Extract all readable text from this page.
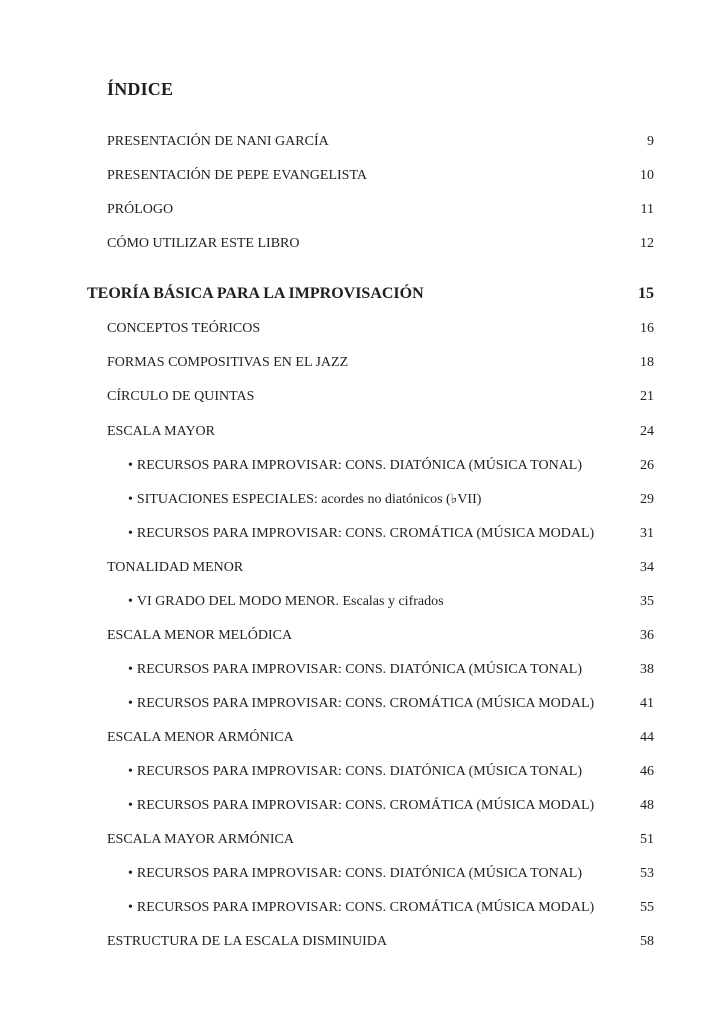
ÍNDICE
PRESENTACIÓN DE NANI GARCÍA	9
PRESENTACIÓN DE PEPE EVANGELISTA	10
PRÓLOGO	11
CÓMO UTILIZAR ESTE LIBRO	12
TEORÍA BÁSICA PARA LA IMPROVISACIÓN	15
CONCEPTOS TEÓRICOS	16
FORMAS COMPOSITIVAS EN EL JAZZ	18
CÍRCULO DE QUINTAS	21
ESCALA MAYOR	24
• RECURSOS PARA IMPROVISAR: CONS. DIATÓNICA (MÚSICA TONAL)	26
• SITUACIONES ESPECIALES: acordes no diatónicos (♭VII)	29
• RECURSOS PARA IMPROVISAR: CONS. CROMÁTICA (MÚSICA MODAL)	31
TONALIDAD MENOR	34
• VI GRADO DEL MODO MENOR. Escalas y cifrados	35
ESCALA MENOR MELÓDICA	36
• RECURSOS PARA IMPROVISAR: CONS. DIATÓNICA (MÚSICA TONAL)	38
• RECURSOS PARA IMPROVISAR: CONS. CROMÁTICA (MÚSICA MODAL)	41
ESCALA MENOR ARMÓNICA	44
• RECURSOS PARA IMPROVISAR: CONS. DIATÓNICA (MÚSICA TONAL)	46
• RECURSOS PARA IMPROVISAR: CONS. CROMÁTICA (MÚSICA MODAL)	48
ESCALA MAYOR ARMÓNICA	51
• RECURSOS PARA IMPROVISAR: CONS. DIATÓNICA (MÚSICA TONAL)	53
• RECURSOS PARA IMPROVISAR: CONS. CROMÁTICA (MÚSICA MODAL)	55
ESTRUCTURA DE LA ESCALA DISMINUIDA	58
